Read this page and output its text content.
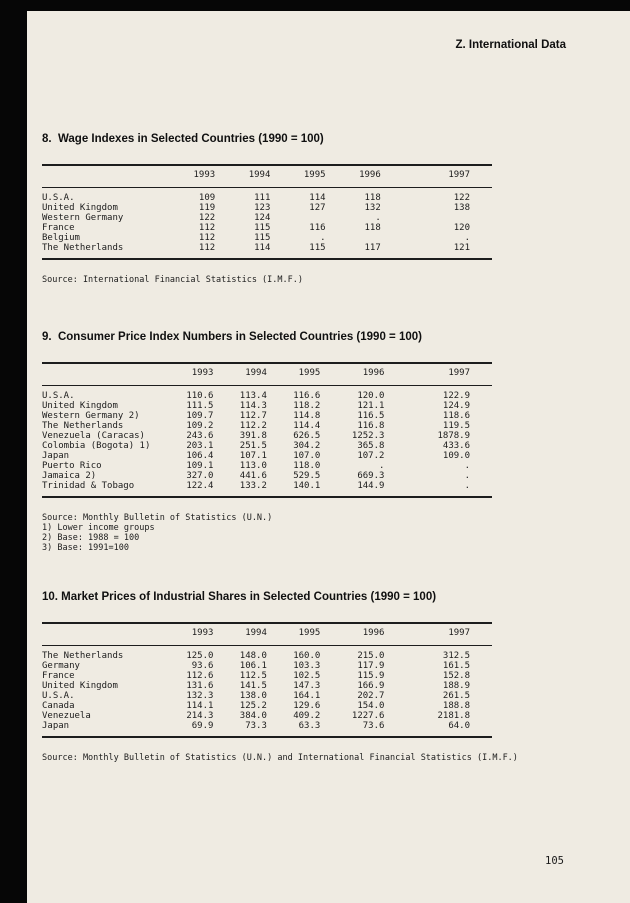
Z. International Data
8.  Wage Indexes in Selected Countries (1990 = 100)
	1993	1994	1995	1996	1997
U.S.A.	109	111	114	118	122
United Kingdom	119	123	127	132	138
Western Germany	122	124		.	
France	112	115	116	118	120
Belgium	112	115	.		.
The Netherlands	112	114	115	117	121
Source: International Financial Statistics (I.M.F.)
9.  Consumer Price Index Numbers in Selected Countries (1990 = 100)
	1993	1994	1995	1996	1997
U.S.A.	110.6	113.4	116.6	120.0	122.9
United Kingdom	111.5	114.3	118.2	121.1	124.9
Western Germany 2)	109.7	112.7	114.8	116.5	118.6
The Netherlands	109.2	112.2	114.4	116.8	119.5
Venezuela (Caracas)	243.6	391.8	626.5	1252.3	1878.9
Colombia (Bogota) 1)	203.1	251.5	304.2	365.8	433.6
Japan	106.4	107.1	107.0	107.2	109.0
Puerto Rico	109.1	113.0	118.0	.	.
Jamaica 2)	327.0	441.6	529.5	669.3	.
Trinidad & Tobago	122.4	133.2	140.1	144.9	.
Source: Monthly Bulletin of Statistics (U.N.)
1) Lower income groups
2) Base: 1988 = 100
3) Base: 1991=100
10. Market Prices of Industrial Shares in Selected Countries (1990 = 100)
	1993	1994	1995	1996	1997
The Netherlands	125.0	148.0	160.0	215.0	312.5
Germany	93.6	106.1	103.3	117.9	161.5
France	112.6	112.5	102.5	115.9	152.8
United Kingdom	131.6	141.5	147.3	166.9	188.9
U.S.A.	132.3	138.0	164.1	202.7	261.5
Canada	114.1	125.2	129.6	154.0	188.8
Venezuela	214.3	384.0	409.2	1227.6	2181.8
Japan	69.9	73.3	63.3	73.6	64.0
Source: Monthly Bulletin of Statistics (U.N.) and International Financial Statistics (I.M.F.)
105
